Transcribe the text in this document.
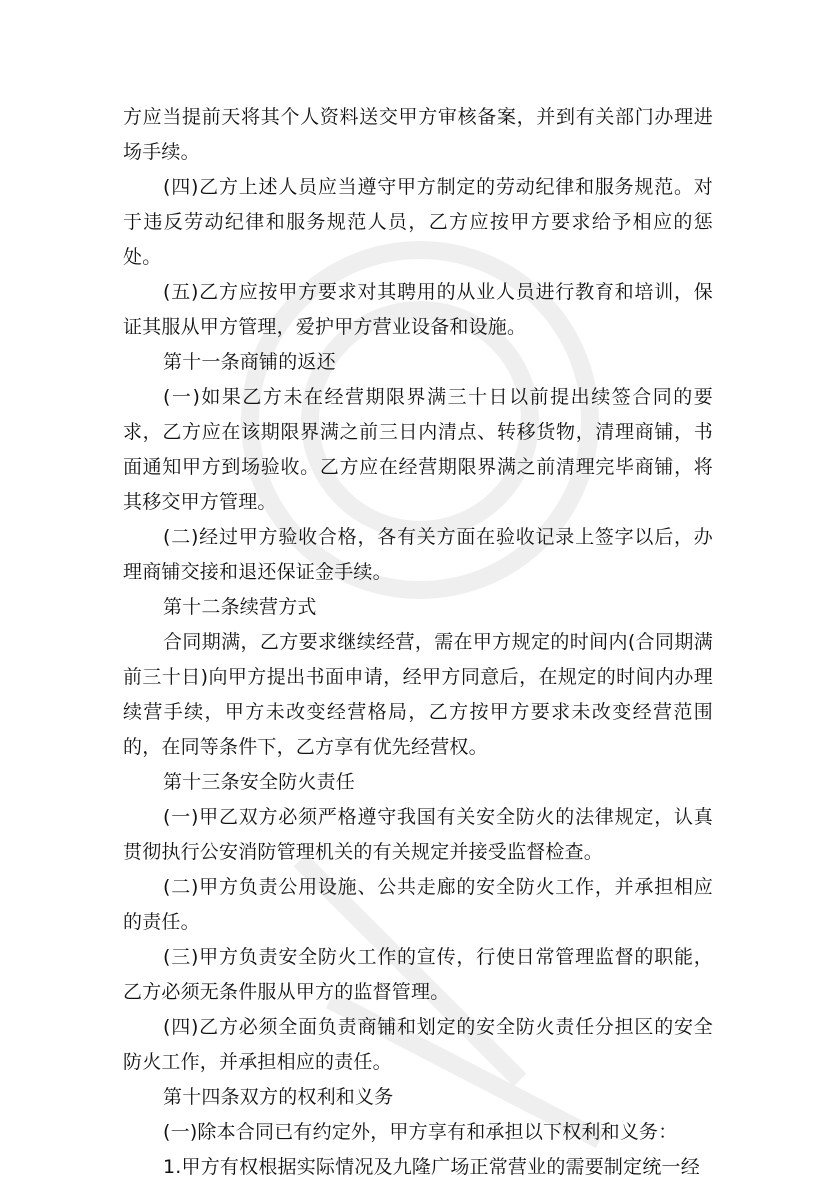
方应当提前天将其个人资料送交甲方审核备案，并到有关部门办理进场手续。

(四)乙方上述人员应当遵守甲方制定的劳动纪律和服务规范。对于违反劳动纪律和服务规范人员，乙方应按甲方要求给予相应的惩处。

(五)乙方应按甲方要求对其聘用的从业人员进行教育和培训，保证其服从甲方管理，爱护甲方营业设备和设施。

第十一条商铺的返还

(一)如果乙方未在经营期限界满三十日以前提出续签合同的要求，乙方应在该期限界满之前三日内清点、转移货物，清理商铺，书面通知甲方到场验收。乙方应在经营期限界满之前清理完毕商铺，将其移交甲方管理。

(二)经过甲方验收合格，各有关方面在验收记录上签字以后，办理商铺交接和退还保证金手续。

第十二条续营方式

合同期满，乙方要求继续经营，需在甲方规定的时间内(合同期满前三十日)向甲方提出书面申请，经甲方同意后，在规定的时间内办理续营手续，甲方未改变经营格局，乙方按甲方要求未改变经营范围的，在同等条件下，乙方享有优先经营权。

第十三条安全防火责任

(一)甲乙双方必须严格遵守我国有关安全防火的法律规定，认真贯彻执行公安消防管理机关的有关规定并接受监督检查。

(二)甲方负责公用设施、公共走廊的安全防火工作，并承担相应的责任。

(三)甲方负责安全防火工作的宣传，行使日常管理监督的职能，乙方必须无条件服从甲方的监督管理。

(四)乙方必须全面负责商铺和划定的安全防火责任分担区的安全防火工作，并承担相应的责任。

第十四条双方的权利和义务

(一)除本合同已有约定外，甲方享有和承担以下权利和义务：

1.甲方有权根据实际情况及九隆广场正常营业的需要制定统一经
